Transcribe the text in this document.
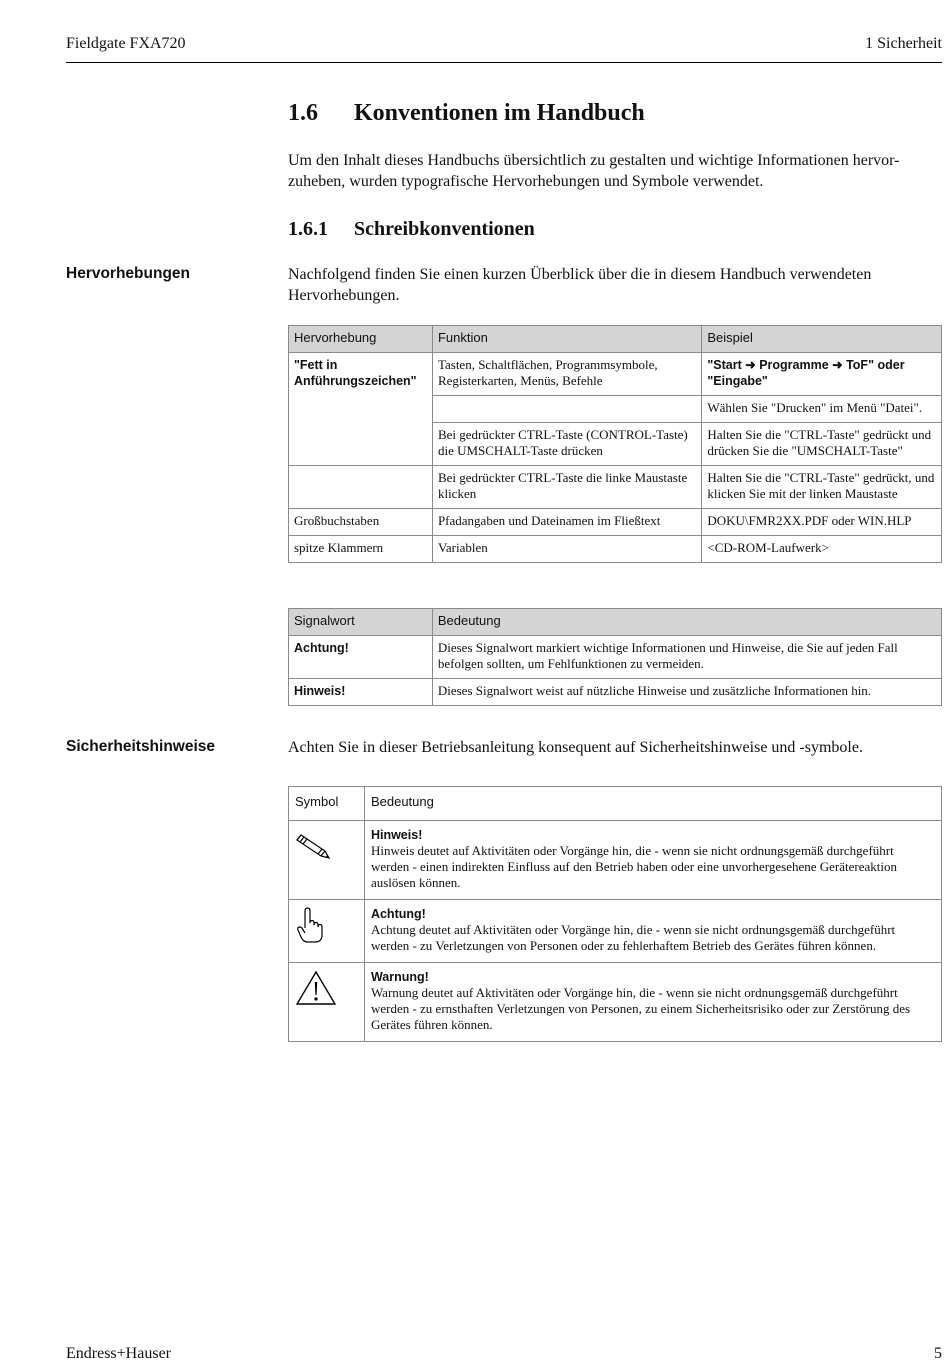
Fieldgate FXA720	1 Sicherheit
1.6 Konventionen im Handbuch
Um den Inhalt dieses Handbuchs übersichtlich zu gestalten und wichtige Informationen hervor-
zuheben, wurden typografische Hervorhebungen und Symbole verwendet.
1.6.1 Schreibkonventionen
Hervorhebungen	Nachfolgend finden Sie einen kurzen Überblick über die in diesem Handbuch verwendeten
Hervorhebungen.
Hervorhebung	Funktion	Beispiel
"Fett in Anführungszeichen"	Tasten, Schaltflächen, Programmsymbole, Registerkarten, Menüs, Befehle	"Start ➜ Programme ➜ ToF" oder "Eingabe"
		Wählen Sie "Drucken" im Menü "Datei".
	Bei gedrückter CTRL-Taste (CONTROL-Taste) die UMSCHALT-Taste drücken	Halten Sie die "CTRL-Taste" gedrückt und drücken Sie die "UMSCHALT-Taste"
	Bei gedrückter CTRL-Taste die linke Maustaste klicken	Halten Sie die "CTRL-Taste" gedrückt, und klicken Sie mit der linken Maustaste
Großbuchstaben	Pfadangaben und Dateinamen im Fließtext	DOKU\FMR2XX.PDF oder WIN.HLP
spitze Klammern	Variablen	<CD-ROM-Laufwerk>
Signalwort	Bedeutung
Achtung!	Dieses Signalwort markiert wichtige Informationen und Hinweise, die Sie auf jeden Fall befolgen sollten, um Fehlfunktionen zu vermeiden.
Hinweis!	Dieses Signalwort weist auf nützliche Hinweise und zusätzliche Informationen hin.
Sicherheitshinweise	Achten Sie in dieser Betriebsanleitung konsequent auf Sicherheitshinweise und -symbole.
Symbol	Bedeutung

Hinweis!
Hinweis deutet auf Aktivitäten oder Vorgänge hin, die - wenn sie nicht ordnungsgemäß durchgeführt werden - einen indirekten Einfluss auf den Betrieb haben oder eine unvorhergesehene Gerätereaktion auslösen können.

Achtung!
Achtung deutet auf Aktivitäten oder Vorgänge hin, die - wenn sie nicht ordnungsgemäß durchgeführt werden - zu Verletzungen von Personen oder zu fehlerhaftem Betrieb des Gerätes führen können.

Warnung!
Warnung deutet auf Aktivitäten oder Vorgänge hin, die - wenn sie nicht ordnungsgemäß durchgeführt werden - zu ernsthaften Verletzungen von Personen, zu einem Sicherheitsrisiko oder zur Zerstörung des Gerätes führen können.
Endress+Hauser	5
